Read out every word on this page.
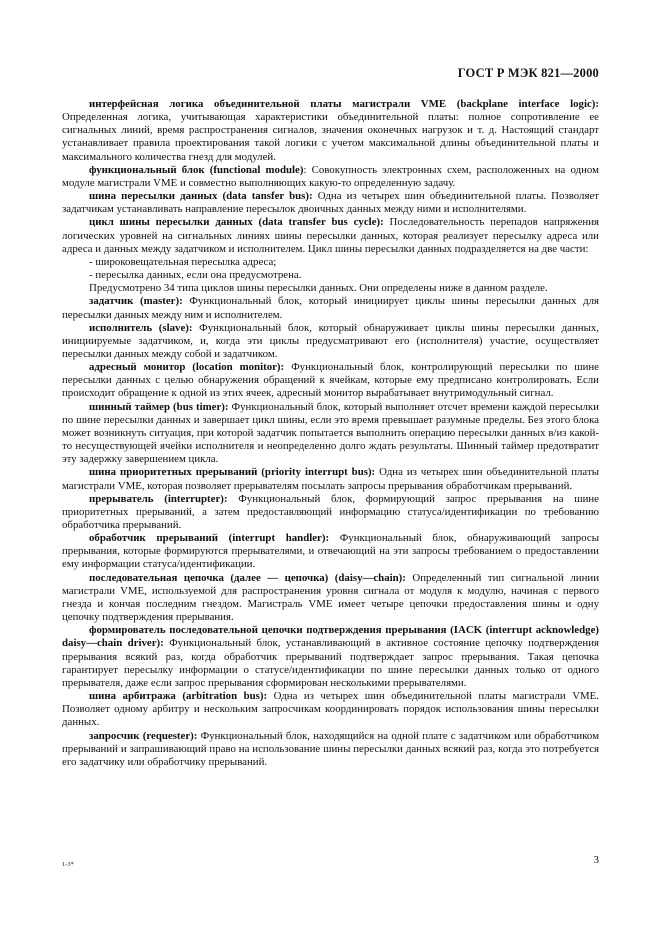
ГОСТ Р МЭК 821—2000

интерфейсная логика объединительной платы магистрали VME (backplane interface logic): Определенная логика, учитывающая характеристики объединительной платы: полное сопротивление ее сигнальных линий, время распространения сигналов, значения оконечных нагрузок и т. д. Настоящий стандарт устанавливает правила проектирования такой логики с учетом максимальной длины объединительной платы и максимального количества гнезд для модулей.

функциональный блок (functional module): Совокупность электронных схем, расположенных на одном модуле магистрали VME и совместно выполняющих какую-то определенную задачу.

шина пересылки данных (data tansfer bus): Одна из четырех шин объединительной платы. Позволяет задатчикам устанавливать направление пересылок двоичных данных между ними и исполнителями.

цикл шины пересылки данных (data transfer bus cycle): Последовательность перепадов напряжения логических уровней на сигнальных линиях шины пересылки данных, которая реализует пересылку адреса или адреса и данных между задатчиком и исполнителем. Цикл шины пересылки данных подразделяется на две части:

- широковещательная пересылка адреса;

- пересылка данных, если она предусмотрена.

Предусмотрено 34 типа циклов шины пересылки данных. Они определены ниже в данном разделе.

задатчик (master): Функциональный блок, который инициирует циклы шины пересылки данных для пересылки данных между ним и исполнителем.

исполнитель (slave): Функциональный блок, который обнаруживает циклы шины пересылки данных, инициируемые задатчиком, и, когда эти циклы предусматривают его (исполнителя) участие, осуществляет пересылки данных между собой и задатчиком.

адресный монитор (location monitor): Функциональный блок, контролирующий пересылки по шине пересылки данных с целью обнаружения обращений к ячейкам, которые ему предписано контролировать. Если происходит обращение к одной из этих ячеек, адресный монитор вырабатывает внутримодульный сигнал.

шинный таймер (bus timer): Функциональный блок, который выполняет отсчет времени каждой пересылки по шине пересылки данных и завершает цикл шины, если это время превышает разумные пределы. Без этого блока может возникнуть ситуация, при которой задатчик попытается выполнить операцию пересылки данных в/из какой-то несуществующей ячейки исполнителя и неопределенно долго ждать результаты. Шинный таймер предотвратит эту задержку завершением цикла.

шина приоритетных прерываний (priority interrupt bus): Одна из четырех шин объединительной платы магистрали VME, которая позволяет прерывателям посылать запросы прерывания обработчикам прерываний.

прерыватель (interrupter): Функциональный блок, формирующий запрос прерывания на шине приоритетных прерываний, а затем предоставляющий информацию статуса/идентификации по требованию обработчика прерываний.

обработчик прерываний (interrupt handler): Функциональный блок, обнаруживающий запросы прерывания, которые формируются прерывателями, и отвечающий на эти запросы требованием о предоставлении ему информации статуса/идентификации.

последовательная цепочка (далее — цепочка) (daisy—chain): Определенный тип сигнальной линии магистрали VME, используемой для распространения уровня сигнала от модуля к модулю, начиная с первого гнезда и кончая последним гнездом. Магистраль VME имеет четыре цепочки предоставления шины и одну цепочку подтверждения прерывания.

формирователь последовательной цепочки подтверждения прерывания (IACK (interrupt acknowledge) daisy—chain driver): Функциональный блок, устанавливающий в активное состояние цепочку подтверждения прерывания всякий раз, когда обработчик прерываний подтверждает запрос прерывания. Такая цепочка гарантирует пересылку информации о статусе/идентификации по шине пересылки данных только от одного прерывателя, даже если запрос прерывания сформирован несколькими прерывателями.

шина арбитража (arbitration bus): Одна из четырех шин объединительной платы магистрали VME. Позволяет одному арбитру и нескольким запросчикам координировать порядок использования шины пересылки данных.

запросчик (requester): Функциональный блок, находящийся на одной плате с задатчиком или обработчиком прерываний и запрашивающий право на использование шины пересылки данных всякий раз, когда это потребуется его задатчику или обработчику прерываний.

1-3*	3
